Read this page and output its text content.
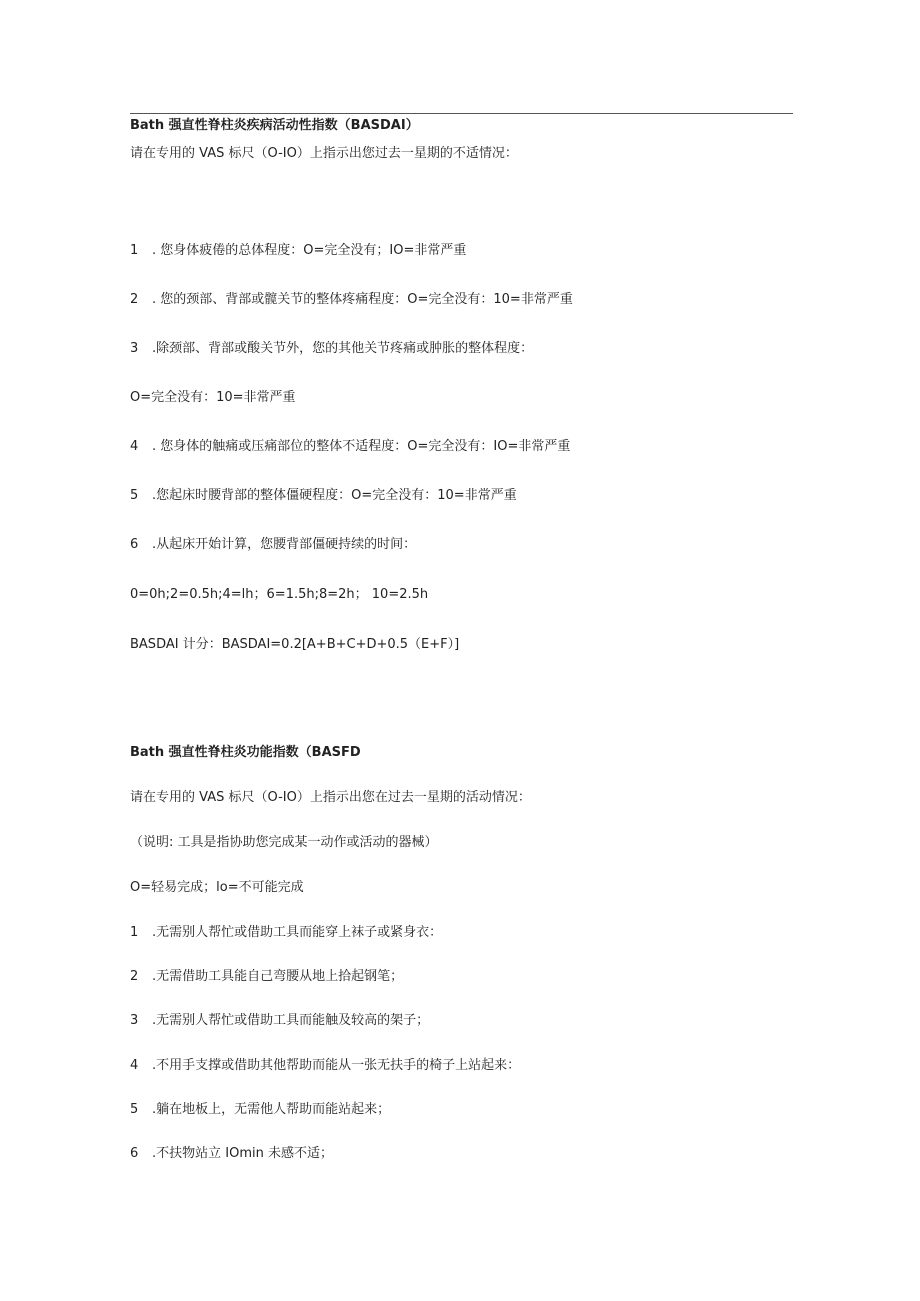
Bath 强直性脊柱炎疾病活动性指数（BASDAI）
请在专用的 VAS 标尺（O-IO）上指示出您过去一星期的不适情况：
1 . 您身体疲倦的总体程度：O=完全没有；IO=非常严重
2 . 您的颈部、背部或髋关节的整体疼痛程度：O=完全没有：10=非常严重
3 .除颈部、背部或酸关节外，您的其他关节疼痛或肿胀的整体程度：
O=完全没有：10=非常严重
4 . 您身体的触痛或压痛部位的整体不适程度：O=完全没有：IO=非常严重
5 .您起床时腰背部的整体僵硬程度：O=完全没有：10=非常严重
6 .从起床开始计算，您腰背部僵硬持续的时间：
0=0h;2=0.5h;4=lh；6=1.5h;8=2h； 10=2.5h
BASDAI 计分：BASDAI=0.2[A+B+C+D+0.5（E+F）]
Bath 强直性脊柱炎功能指数（BASFD
请在专用的 VAS 标尺（O-IO）上指示出您在过去一星期的活动情况：
（说明: 工具是指协助您完成某一动作或活动的器械）
O=轻易完成；lo=不可能完成
1 .无需别人帮忙或借助工具而能穿上袜子或紧身衣：
2 .无需借助工具能自己弯腰从地上拾起钢笔；
3 .无需别人帮忙或借助工具而能触及较高的架子；
4 .不用手支撑或借助其他帮助而能从一张无扶手的椅子上站起来：
5 .躺在地板上，无需他人帮助而能站起来；
6 .不扶物站立 IOmin 未感不适；
